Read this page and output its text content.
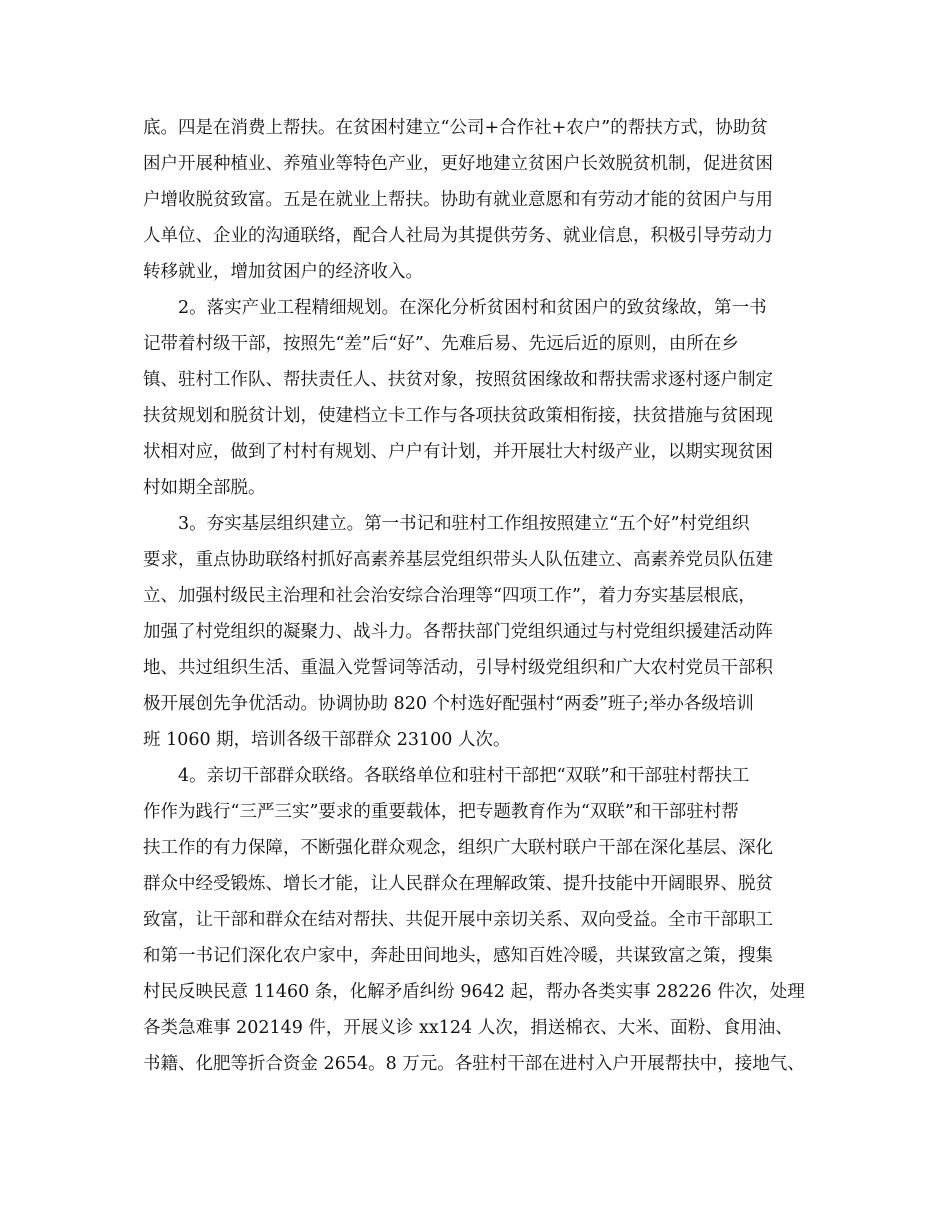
底。四是在消费上帮扶。在贫困村建立“公司+合作社+农户”的帮扶方式，协助贫
困户开展种植业、养殖业等特色产业，更好地建立贫困户长效脱贫机制，促进贫困
户增收脱贫致富。五是在就业上帮扶。协助有就业意愿和有劳动才能的贫困户与用
人单位、企业的沟通联络，配合人社局为其提供劳务、就业信息，积极引导劳动力
转移就业，增加贫困户的经济收入。
2。落实产业工程精细规划。在深化分析贫困村和贫困户的致贫缘故，第一书
记带着村级干部，按照先“差”后“好”、先难后易、先远后近的原则，由所在乡
镇、驻村工作队、帮扶责任人、扶贫对象，按照贫困缘故和帮扶需求逐村逐户制定
扶贫规划和脱贫计划，使建档立卡工作与各项扶贫政策相衔接，扶贫措施与贫困现
状相对应，做到了村村有规划、户户有计划，并开展壮大村级产业，以期实现贫困
村如期全部脱。
3。夯实基层组织建立。第一书记和驻村工作组按照建立“五个好”村党组织
要求，重点协助联络村抓好高素养基层党组织带头人队伍建立、高素养党员队伍建
立、加强村级民主治理和社会治安综合治理等“四项工作”，着力夯实基层根底，
加强了村党组织的凝聚力、战斗力。各帮扶部门党组织通过与村党组织援建活动阵
地、共过组织生活、重温入党誓词等活动，引导村级党组织和广大农村党员干部积
极开展创先争优活动。协调协助 820 个村选好配强村“两委”班子;举办各级培训
班 1060 期，培训各级干部群众 23100 人次。
4。亲切干部群众联络。各联络单位和驻村干部把“双联”和干部驻村帮扶工
作作为践行“三严三实”要求的重要载体，把专题教育作为“双联”和干部驻村帮
扶工作的有力保障，不断强化群众观念，组织广大联村联户干部在深化基层、深化
群众中经受锻炼、增长才能，让人民群众在理解政策、提升技能中开阔眼界、脱贫
致富，让干部和群众在结对帮扶、共促开展中亲切关系、双向受益。全市干部职工
和第一书记们深化农户家中，奔赴田间地头，感知百姓冷暖，共谋致富之策，搜集
村民反映民意 11460 条，化解矛盾纠纷 9642 起，帮办各类实事 28226 件次，处理
各类急难事 202149 件，开展义诊 xx124 人次，捐送棉衣、大米、面粉、食用油、
书籍、化肥等折合资金 2654。8 万元。各驻村干部在进村入户开展帮扶中，接地气、
